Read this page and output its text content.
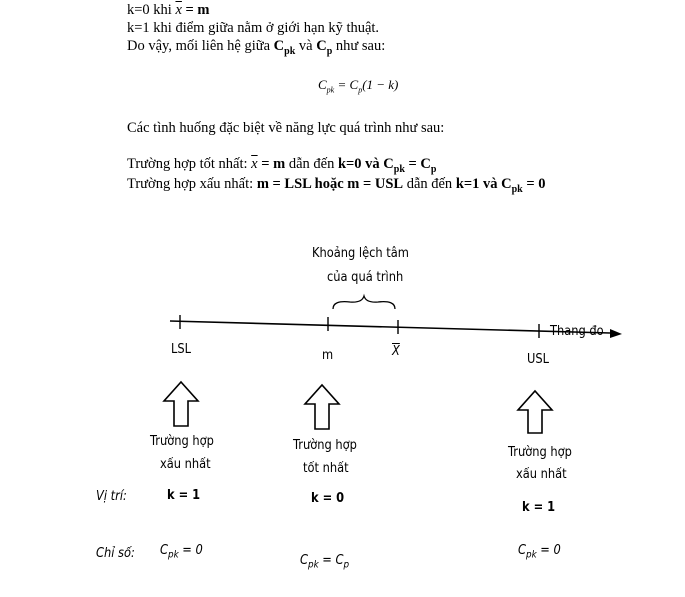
k=0 khi $\overline{x} = m$
k=1 khi điểm giữa nằm ở giới hạn kỹ thuật.
Do vậy, mối liên hệ giữa $C_{pk}$ và $C_p$ như sau:
$C_{pk} = C_p(1 - k)$
Các tình huống đặc biệt về năng lực quá trình như sau:
Trường hợp tốt nhất: $\overline{x} = m$ dẫn đến k=0 và $C_{pk} = C_p$
Trường hợp xấu nhất: m = LSL hoặc m = USL dẫn đến k=1 và $C_{pk} = 0$
Khoảng lệch tâm
của quá trình
LSL	m	$\overline{X}$
USL
Thang đo
Trường hợp
xấu nhất
Trường hợp
tốt nhất
Trường hợp
xấu nhất
Vị trí:
Chỉ số:
k = 1	k = 0
k = 1
$C_{pk} = 0$
$C_{pk} = C_p$
$C_{pk} = 0$
